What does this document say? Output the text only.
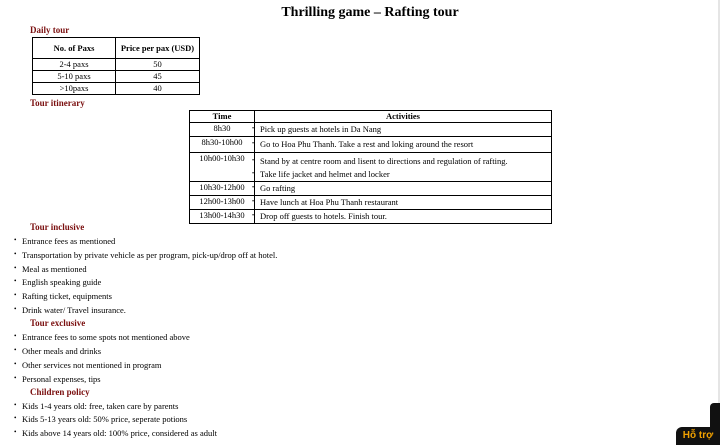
Thrilling game – Rafting tour
Daily tour
No. of Paxs	Price per pax (USD)
2-4 paxs	50
5-10 paxs	45
>10paxs	40
Tour itinerary
Time	Activities
8h30	• Pick up guests at hotels in Da Nang

8h30-10h00	• Go to Hoa Phu Thanh. Take a rest and loking around the resort

10h00-10h30	• Stand by at centre room and lisent to directions and regulation of rafting.
• Take life jacket and helmet and locker

10h30-12h00	• Go rafting

12h00-13h00	• Have lunch at Hoa Phu Thanh restaurant

13h00-14h30	• Drop off guests to hotels. Finish tour.
Tour inclusive
• Entrance fees as mentioned
• Transportation by private vehicle as per program, pick-up/drop off at hotel.
• Meal as mentioned
• English speaking guide
• Rafting ticket, equipments
• Drink water/ Travel insurance.
Tour exclusive
• Entrance fees to some spots not mentioned above
• Other meals and drinks
• Other services not mentioned in program
• Personal expenses, tips
Children policy
• Kids 1-4 years old: free, taken care by parents
• Kids 5-13 years old: 50% price, seperate potions
• Kids above 14 years old: 100% price, considered as adult	Hỗ trợ
